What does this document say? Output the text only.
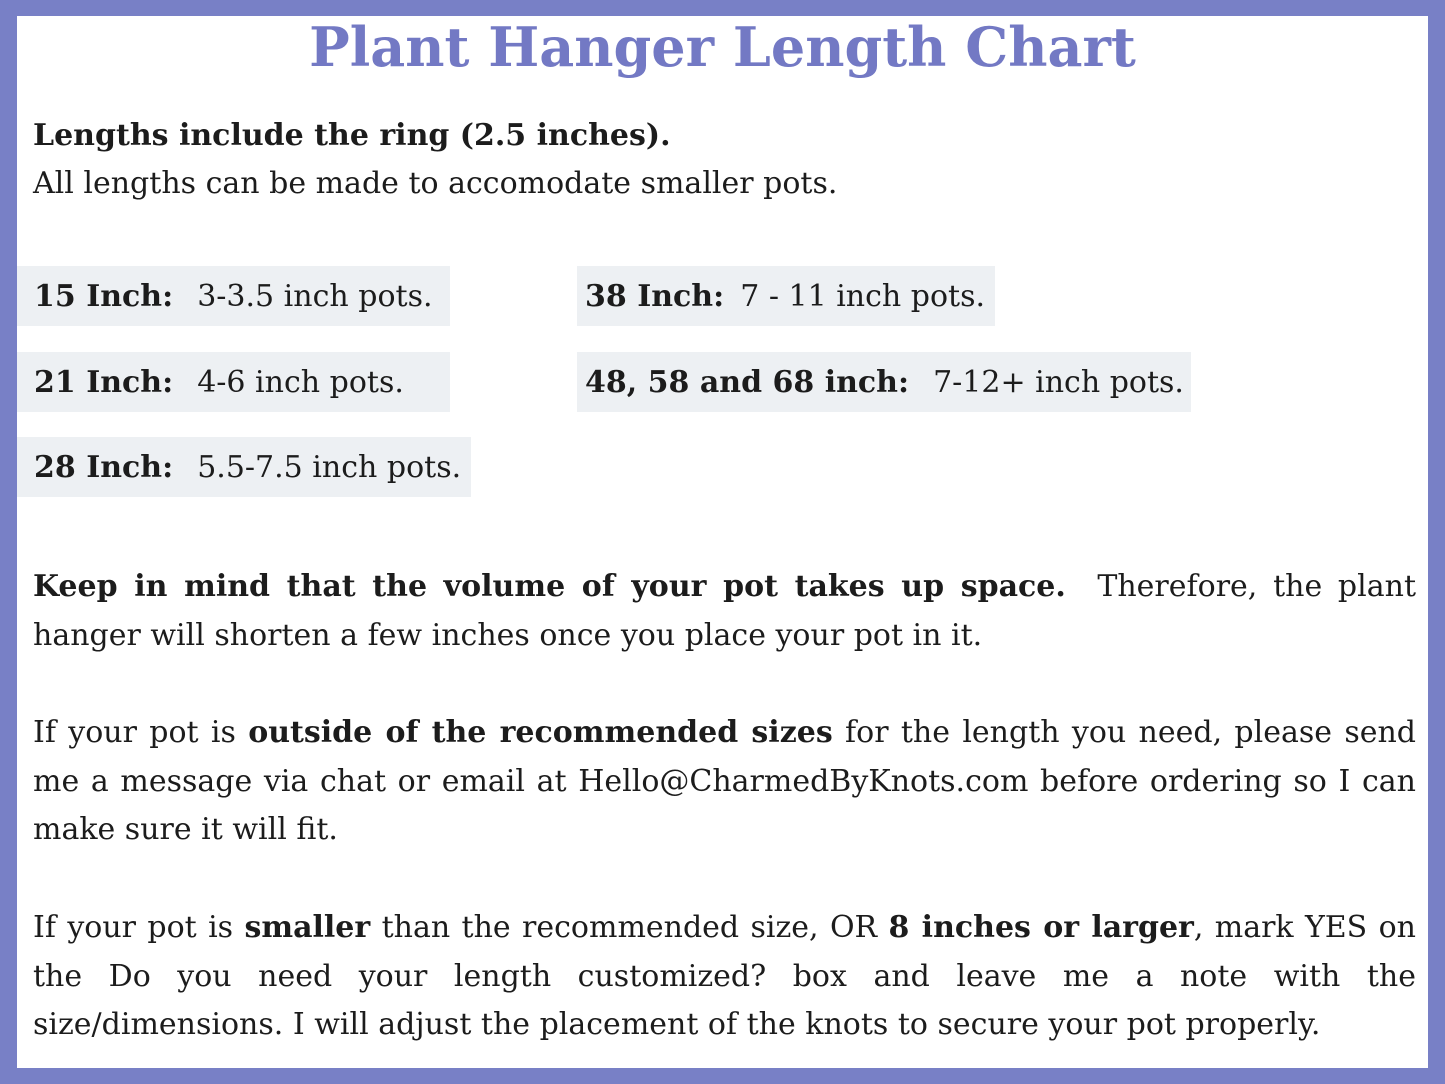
Plant Hanger Length Chart

Lengths include the ring (2.5 inches).
All lengths can be made to accomodate smaller pots.

15 Inch: 3-3.5 inch pots.
21 Inch: 4-6 inch pots.
28 Inch: 5.5-7.5 inch pots.
38 Inch: 7 - 11 inch pots.
48, 58 and 68 inch: 7-12+ inch pots.

Keep in mind that the volume of your pot takes up space. Therefore, the plant hanger will shorten a few inches once you place your pot in it.

If your pot is outside of the recommended sizes for the length you need, please send me a message via chat or email at Hello@CharmedByKnots.com before ordering so I can make sure it will fit.

If your pot is smaller than the recommended size, OR 8 inches or larger, mark YES on the Do you need your length customized? box and leave me a note with the size/dimensions. I will adjust the placement of the knots to secure your pot properly.
